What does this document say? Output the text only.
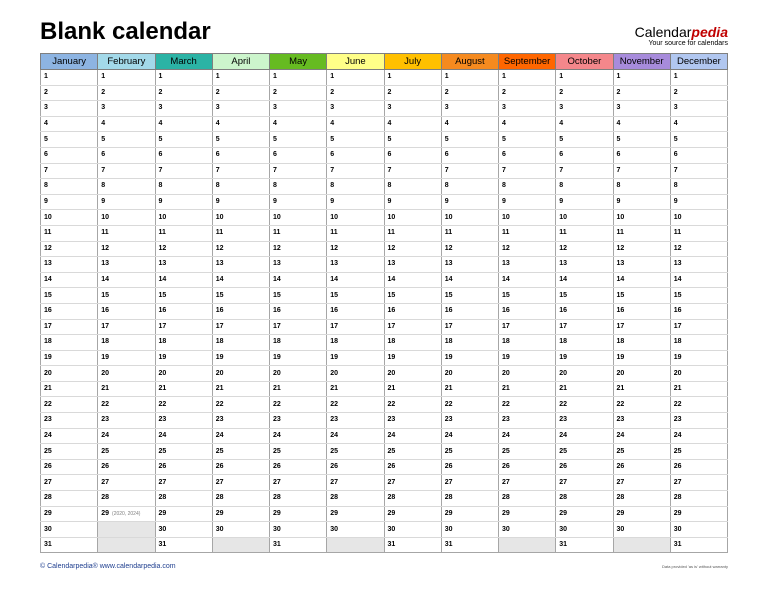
Blank calendar	Calendarpedia
Your source for calendars
January	February	March	April	May	June	July	August	September	October	November	December
1	1	1	1	1	1	1	1	1	1	1	1
2	2	2	2	2	2	2	2	2	2	2	2
3	3	3	3	3	3	3	3	3	3	3	3
4	4	4	4	4	4	4	4	4	4	4	4
5	5	5	5	5	5	5	5	5	5	5	5
6	6	6	6	6	6	6	6	6	6	6	6
7	7	7	7	7	7	7	7	7	7	7	7
8	8	8	8	8	8	8	8	8	8	8	8
9	9	9	9	9	9	9	9	9	9	9	9
10	10	10	10	10	10	10	10	10	10	10	10
11	11	11	11	11	11	11	11	11	11	11	11
12	12	12	12	12	12	12	12	12	12	12	12
13	13	13	13	13	13	13	13	13	13	13	13
14	14	14	14	14	14	14	14	14	14	14	14
15	15	15	15	15	15	15	15	15	15	15	15
16	16	16	16	16	16	16	16	16	16	16	16
17	17	17	17	17	17	17	17	17	17	17	17
18	18	18	18	18	18	18	18	18	18	18	18
19	19	19	19	19	19	19	19	19	19	19	19
20	20	20	20	20	20	20	20	20	20	20	20
21	21	21	21	21	21	21	21	21	21	21	21
22	22	22	22	22	22	22	22	22	22	22	22
23	23	23	23	23	23	23	23	23	23	23	23
24	24	24	24	24	24	24	24	24	24	24	24
25	25	25	25	25	25	25	25	25	25	25	25
26	26	26	26	26	26	26	26	26	26	26	26
27	27	27	27	27	27	27	27	27	27	27	27
28	28	28	28	28	28	28	28	28	28	28	28
29	29 (2020, 2024)	29	29	29	29	29	29	29	29	29	29
30		30	30	30	30	30	30	30	30	30	30
31		31		31		31	31		31		31
© Calendarpedia® www.calendarpedia.com	Data provided 'as is' without warranty
